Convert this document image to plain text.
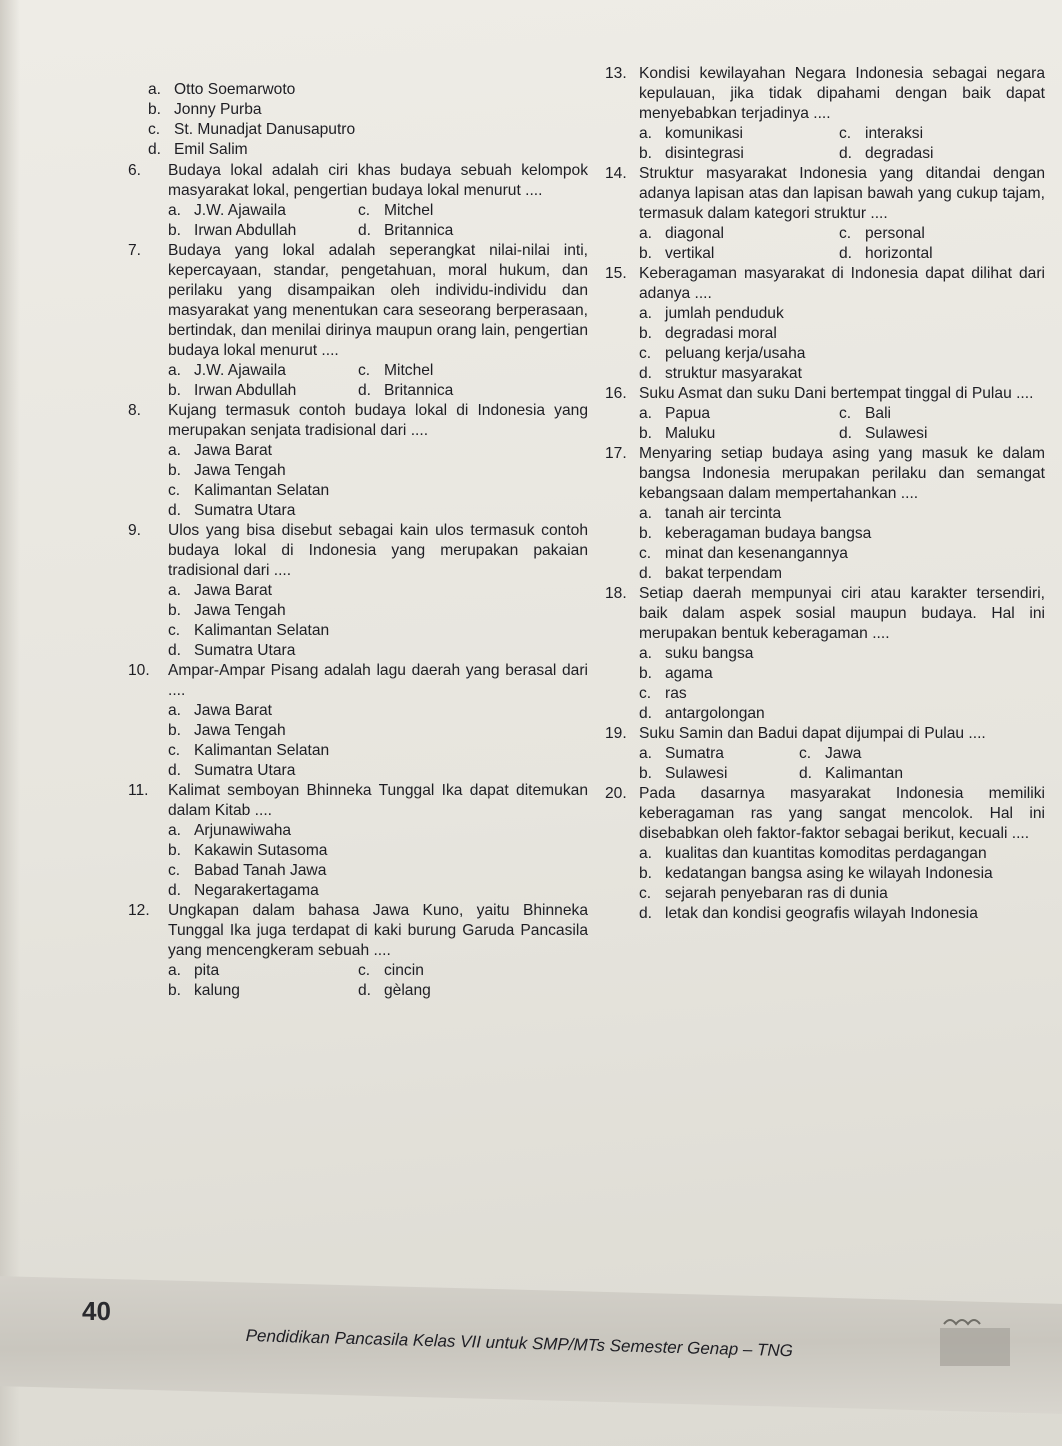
a. Otto Soemarwoto
b. Jonny Purba
c. St. Munadjat Danusaputro
d. Emil Salim
6. Budaya lokal adalah ciri khas budaya sebuah kelompok masyarakat lokal, pengertian budaya lokal menurut ....
a. J.W. Ajawaila	c. Mitchel
b. Irwan Abdullah	d. Britannica
7. Budaya yang lokal adalah seperangkat nilai-nilai inti, kepercayaan, standar, pengetahuan, moral hukum, dan perilaku yang disampaikan oleh individu-individu dan masyarakat yang menentukan cara seseorang berperasaan, bertindak, dan menilai dirinya maupun orang lain, pengertian budaya lokal menurut ....
a. J.W. Ajawaila	c. Mitchel
b. Irwan Abdullah	d. Britannica
8. Kujang termasuk contoh budaya lokal di Indonesia yang merupakan senjata tradisional dari ....
a. Jawa Barat
b. Jawa Tengah
c. Kalimantan Selatan
d. Sumatra Utara
9. Ulos yang bisa disebut sebagai kain ulos termasuk contoh budaya lokal di Indonesia yang merupakan pakaian tradisional dari ....
a. Jawa Barat
b. Jawa Tengah
c. Kalimantan Selatan
d. Sumatra Utara
10. Ampar-Ampar Pisang adalah lagu daerah yang berasal dari ....
a. Jawa Barat
b. Jawa Tengah
c. Kalimantan Selatan
d. Sumatra Utara
11. Kalimat semboyan Bhinneka Tunggal Ika dapat ditemukan dalam Kitab ....
a. Arjunawiwaha
b. Kakawin Sutasoma
c. Babad Tanah Jawa
d. Negarakertagama
12. Ungkapan dalam bahasa Jawa Kuno, yaitu Bhinneka Tunggal Ika juga terdapat di kaki burung Garuda Pancasila yang mencengkeram sebuah ....
a. pita	c. cincin
b. kalung	d. gèlang
13. Kondisi kewilayahan Negara Indonesia sebagai negara kepulauan, jika tidak dipahami dengan baik dapat menyebabkan terjadinya ....
a. komunikasi	c. interaksi
b. disintegrasi	d. degradasi
14. Struktur masyarakat Indonesia yang ditandai dengan adanya lapisan atas dan lapisan bawah yang cukup tajam, termasuk dalam kategori struktur ....
a. diagonal	c. personal
b. vertikal	d. horizontal
15. Keberagaman masyarakat di Indonesia dapat dilihat dari adanya ....
a. jumlah penduduk
b. degradasi moral
c. peluang kerja/usaha
d. struktur masyarakat
16. Suku Asmat dan suku Dani bertempat tinggal di Pulau ....
a. Papua	c. Bali
b. Maluku	d. Sulawesi
17. Menyaring setiap budaya asing yang masuk ke dalam bangsa Indonesia merupakan perilaku dan semangat kebangsaan dalam mempertahankan ....
a. tanah air tercinta
b. keberagaman budaya bangsa
c. minat dan kesenangannya
d. bakat terpendam
18. Setiap daerah mempunyai ciri atau karakter tersendiri, baik dalam aspek sosial maupun budaya. Hal ini merupakan bentuk keberagaman ....
a. suku bangsa
b. agama
c. ras
d. antargolongan
19. Suku Samin dan Badui dapat dijumpai di Pulau ....
a. Sumatra	c. Jawa
b. Sulawesi	d. Kalimantan
20. Pada dasarnya masyarakat Indonesia memiliki keberagaman ras yang sangat mencolok. Hal ini disebabkan oleh faktor-faktor sebagai berikut, kecuali ....
a. kualitas dan kuantitas komoditas perdagangan
b. kedatangan bangsa asing ke wilayah Indonesia
c. sejarah penyebaran ras di dunia
d. letak dan kondisi geografis wilayah Indonesia
40
Pendidikan Pancasila Kelas VII untuk SMP/MTs Semester Genap – TNG
